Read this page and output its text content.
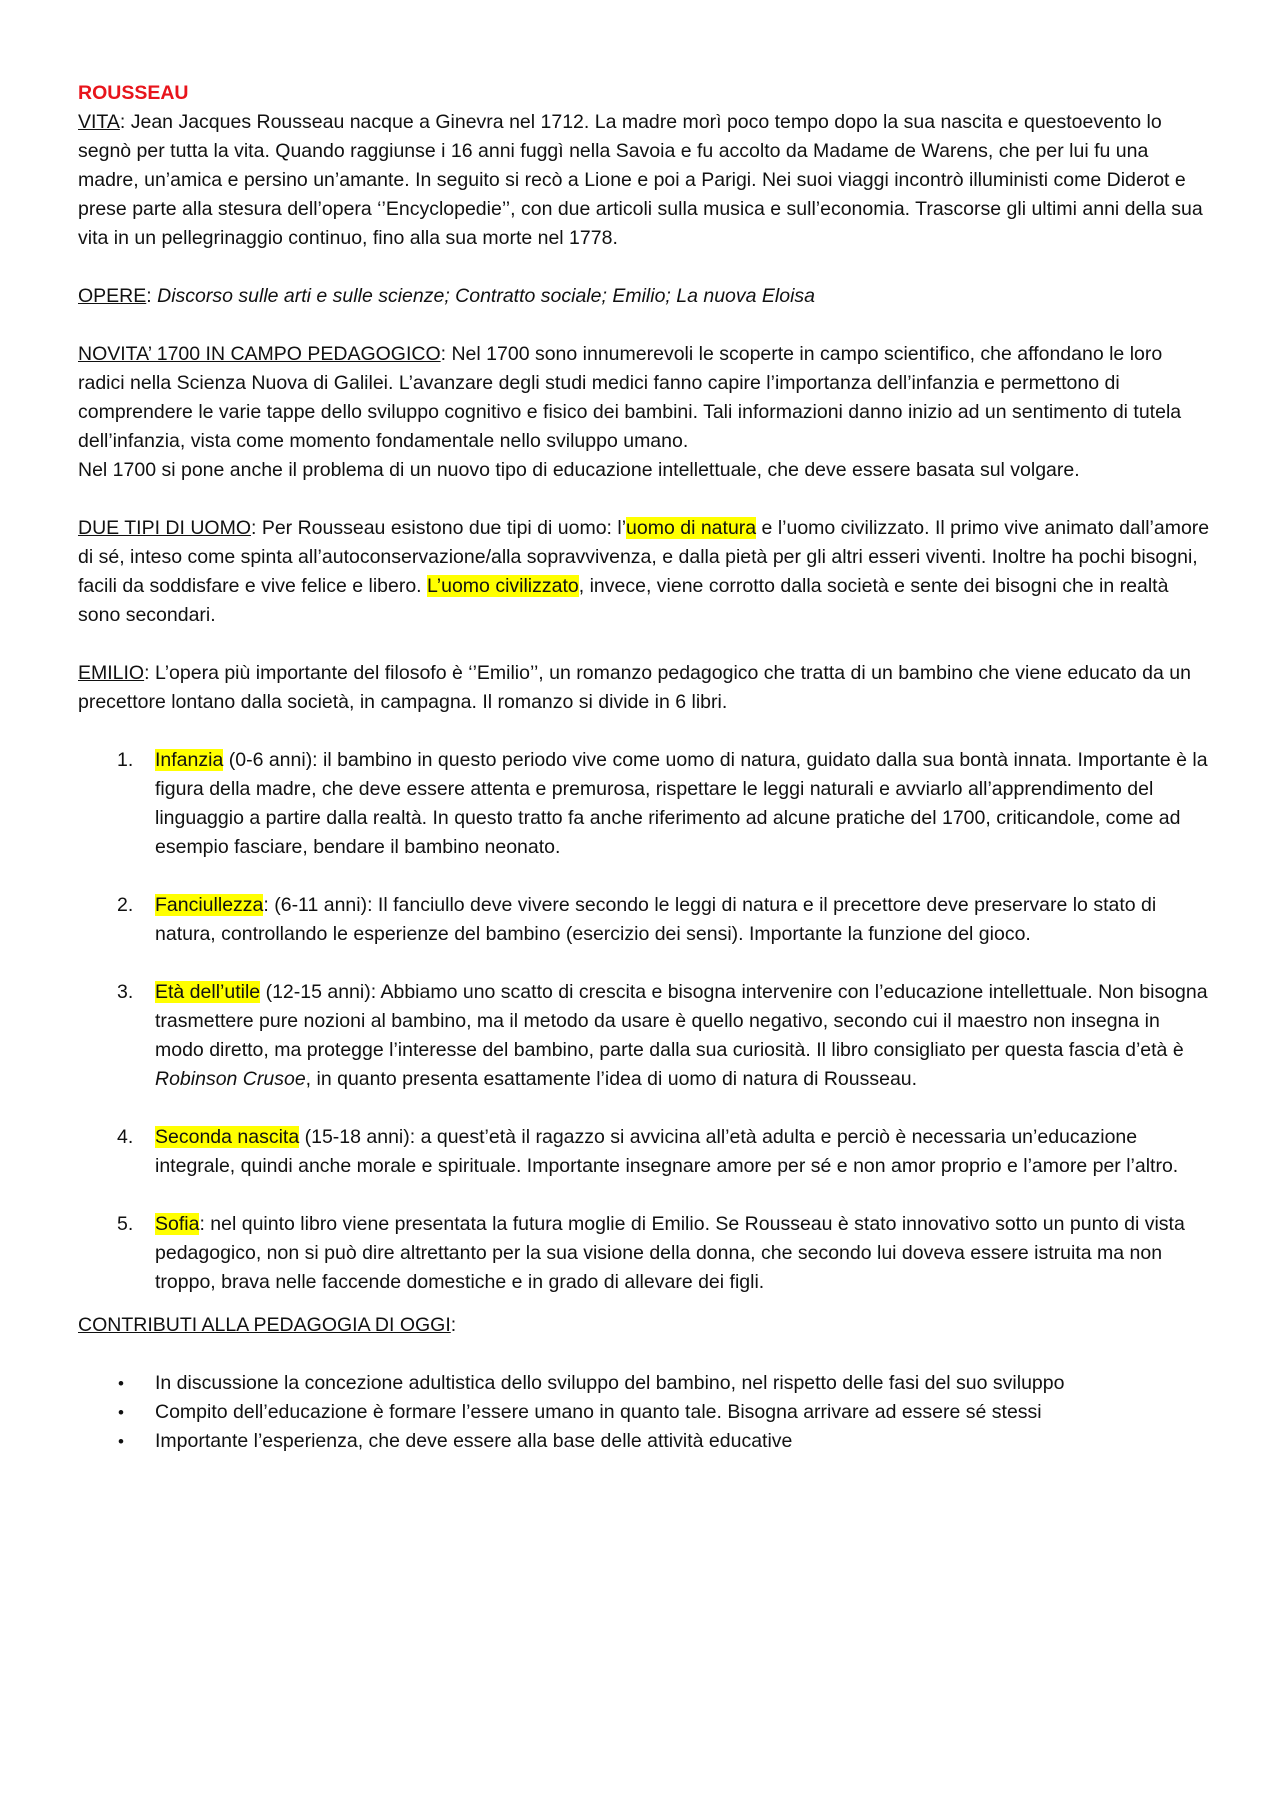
ROUSSEAU

VITA: Jean Jacques Rousseau nacque a Ginevra nel 1712. La madre morì poco tempo dopo la sua nascita e questoevento lo segnò per tutta la vita. Quando raggiunse i 16 anni fuggì nella Savoia e fu accolto da Madame de Warens, che per lui fu una madre, un’amica e persino un’amante. In seguito si recò a Lione e poi a Parigi. Nei suoi viaggi incontrò illuministi come Diderot e prese parte alla stesura dell’opera ‘’Encyclopedie’’, con due articoli sulla musica e sull’economia. Trascorse gli ultimi anni della sua vita in un pellegrinaggio continuo, fino alla sua morte nel 1778.

OPERE: Discorso sulle arti e sulle scienze; Contratto sociale; Emilio; La nuova Eloisa

NOVITA’ 1700 IN CAMPO PEDAGOGICO: Nel 1700 sono innumerevoli le scoperte in campo scientifico, che affondano le loro radici nella Scienza Nuova di Galilei. L’avanzare degli studi medici fanno capire l’importanza dell’infanzia e permettono di comprendere le varie tappe dello sviluppo cognitivo e fisico dei bambini. Tali informazioni danno inizio ad un sentimento di tutela dell’infanzia, vista come momento fondamentale nello sviluppo umano.

Nel 1700 si pone anche il problema di un nuovo tipo di educazione intellettuale, che deve essere basata sul volgare.

DUE TIPI DI UOMO: Per Rousseau esistono due tipi di uomo: l’uomo di natura e l’uomo civilizzato. Il primo vive animato dall’amore di sé, inteso come spinta all’autoconservazione/alla sopravvivenza, e dalla pietà per gli altri esseri viventi. Inoltre ha pochi bisogni, facili da soddisfare e vive felice e libero. L’uomo civilizzato, invece, viene corrotto dalla società e sente dei bisogni che in realtà sono secondari.

EMILIO: L’opera più importante del filosofo è ‘’Emilio’’, un romanzo pedagogico che tratta di un bambino che viene educato da un precettore lontano dalla società, in campagna. Il romanzo si divide in 6 libri.

1. Infanzia (0-6 anni): il bambino in questo periodo vive come uomo di natura, guidato dalla sua bontà innata. Importante è la figura della madre, che deve essere attenta e premurosa, rispettare le leggi naturali e avviarlo all’apprendimento del linguaggio a partire dalla realtà. In questo tratto fa anche riferimento ad alcune pratiche del 1700, criticandole, come ad esempio fasciare, bendare il bambino neonato.
2. Fanciullezza: (6-11 anni): Il fanciullo deve vivere secondo le leggi di natura e il precettore deve preservare lo stato di natura, controllando le esperienze del bambino (esercizio dei sensi). Importante la funzione del gioco.
3. Età dell’utile (12-15 anni): Abbiamo uno scatto di crescita e bisogna intervenire con l’educazione intellettuale. Non bisogna trasmettere pure nozioni al bambino, ma il metodo da usare è quello negativo, secondo cui il maestro non insegna in modo diretto, ma protegge l’interesse del bambino, parte dalla sua curiosità. Il libro consigliato per questa fascia d’età è Robinson Crusoe, in quanto presenta esattamente l’idea di uomo di natura di Rousseau.
4. Seconda nascita (15-18 anni): a quest’età il ragazzo si avvicina all’età adulta e perciò è necessaria un’educazione integrale, quindi anche morale e spirituale. Importante insegnare amore per sé e non amor proprio e l’amore per l’altro.
5. Sofia: nel quinto libro viene presentata la futura moglie di Emilio. Se Rousseau è stato innovativo sotto un punto di vista pedagogico, non si può dire altrettanto per la sua visione della donna, che secondo lui doveva essere istruita ma non troppo, brava nelle faccende domestiche e in grado di allevare dei figli.

CONTRIBUTI ALLA PEDAGOGIA DI OGGI:

• In discussione la concezione adultistica dello sviluppo del bambino, nel rispetto delle fasi del suo sviluppo
• Compito dell’educazione è formare l’essere umano in quanto tale. Bisogna arrivare ad essere sé stessi
• Importante l’esperienza, che deve essere alla base delle attività educative
